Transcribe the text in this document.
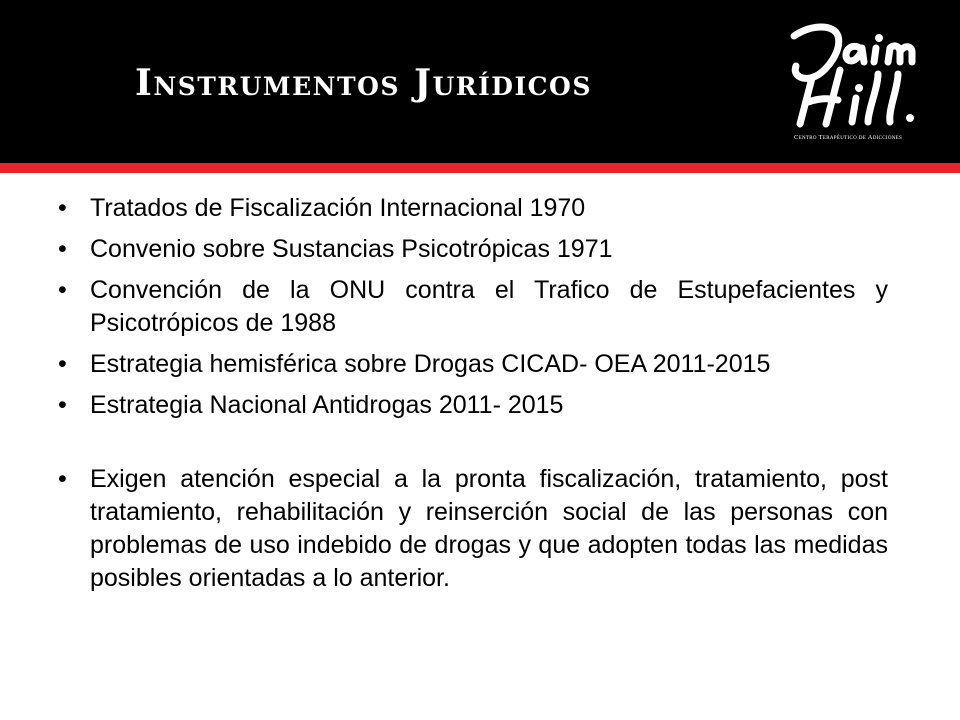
Instrumentos Jurídicos
Centro Terapéutico de Adicciones
• Tratados de Fiscalización Internacional 1970
• Convenio sobre Sustancias Psicotrópicas 1971
• Convención de la ONU contra el Trafico de Estupefacientes y Psicotrópicos de 1988
• Estrategia hemisférica sobre Drogas CICAD- OEA 2011-2015
• Estrategia Nacional Antidrogas 2011- 2015
• Exigen atención especial a la pronta fiscalización, tratamiento, post tratamiento, rehabilitación y reinserción social de las personas con problemas de uso indebido de drogas y que adopten todas las medidas posibles orientadas a lo anterior.
